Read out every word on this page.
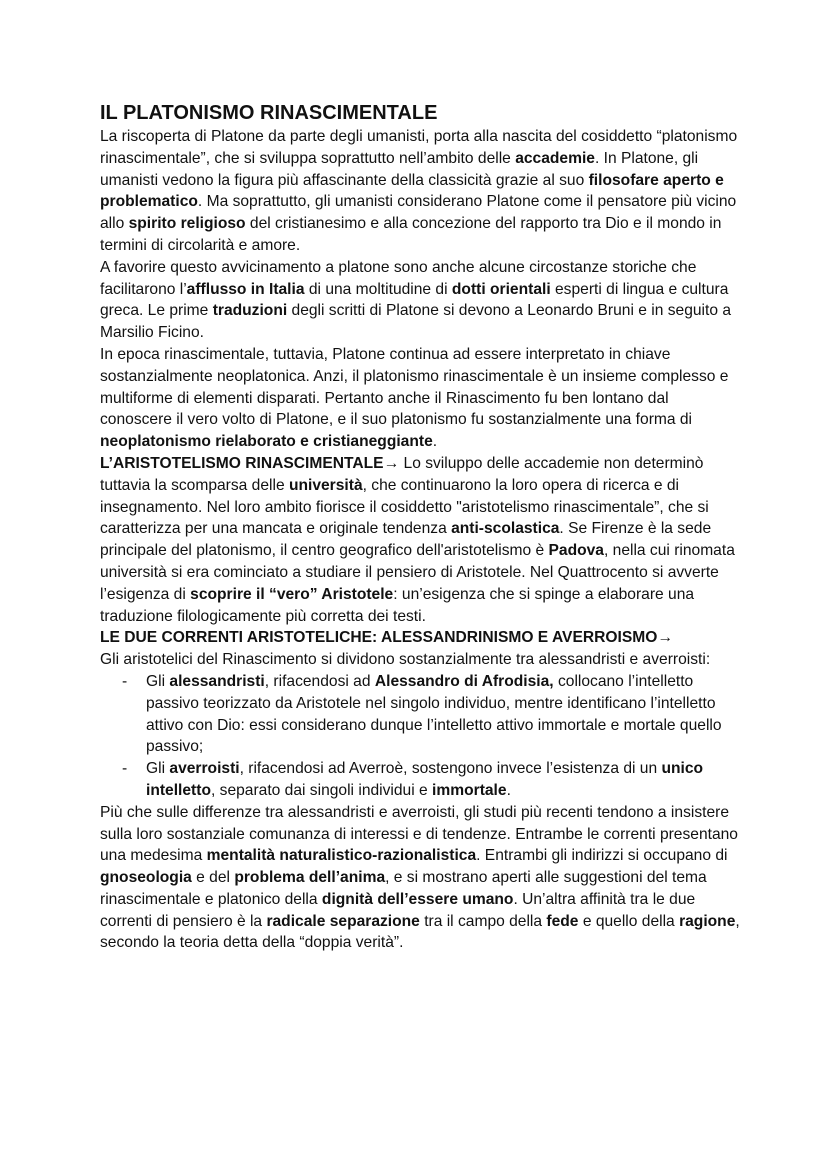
IL PLATONISMO RINASCIMENTALE

La riscoperta di Platone da parte degli umanisti, porta alla nascita del cosiddetto “platonismo rinascimentale”, che si sviluppa soprattutto nell’ambito delle accademie. In Platone, gli umanisti vedono la figura più affascinante della classicità grazie al suo filosofare aperto e problematico. Ma soprattutto, gli umanisti considerano Platone come il pensatore più vicino allo spirito religioso del cristianesimo e alla concezione del rapporto tra Dio e il mondo in termini di circolarità e amore.

A favorire questo avvicinamento a platone sono anche alcune circostanze storiche che facilitarono l’afflusso in Italia di una moltitudine di dotti orientali esperti di lingua e cultura greca. Le prime traduzioni degli scritti di Platone si devono a Leonardo Bruni e in seguito a Marsilio Ficino.

In epoca rinascimentale, tuttavia, Platone continua ad essere interpretato in chiave sostanzialmente neoplatonica. Anzi, il platonismo rinascimentale è un insieme complesso e multiforme di elementi disparati. Pertanto anche il Rinascimento fu ben lontano dal conoscere il vero volto di Platone, e il suo platonismo fu sostanzialmente una forma di neoplatonismo rielaborato e cristianeggiante.

L’ARISTOTELISMO RINASCIMENTALE→ Lo sviluppo delle accademie non determinò tuttavia la scomparsa delle università, che continuarono la loro opera di ricerca e di insegnamento. Nel loro ambito fiorisce il cosiddetto "aristotelismo rinascimentale”, che si caratterizza per una mancata e originale tendenza anti-scolastica. Se Firenze è la sede principale del platonismo, il centro geografico dell'aristotelismo è Padova, nella cui rinomata università si era cominciato a studiare il pensiero di Aristotele. Nel Quattrocento si avverte l’esigenza di scoprire il “vero” Aristotele: un’esigenza che si spinge a elaborare una traduzione filologicamente più corretta dei testi.

LE DUE CORRENTI ARISTOTELICHE: ALESSANDRINISMO E AVERROISMO→

Gli aristotelici del Rinascimento si dividono sostanzialmente tra alessandristi e averroisti:

- Gli alessandristi, rifacendosi ad Alessandro di Afrodisia, collocano l’intelletto passivo teorizzato da Aristotele nel singolo individuo, mentre identificano l’intelletto attivo con Dio: essi considerano dunque l’intelletto attivo immortale e mortale quello passivo;
- Gli averroisti, rifacendosi ad Averroè, sostengono invece l’esistenza di un unico intelletto, separato dai singoli individui e immortale.

Più che sulle differenze tra alessandristi e averroisti, gli studi più recenti tendono a insistere sulla loro sostanziale comunanza di interessi e di tendenze. Entrambe le correnti presentano una medesima mentalità naturalistico-razionalistica. Entrambi gli indirizzi si occupano di gnoseologia e del problema dell’anima, e si mostrano aperti alle suggestioni del tema rinascimentale e platonico della dignità dell’essere umano. Un’altra affinità tra le due correnti di pensiero è la radicale separazione tra il campo della fede e quello della ragione, secondo la teoria detta della “doppia verità”.
